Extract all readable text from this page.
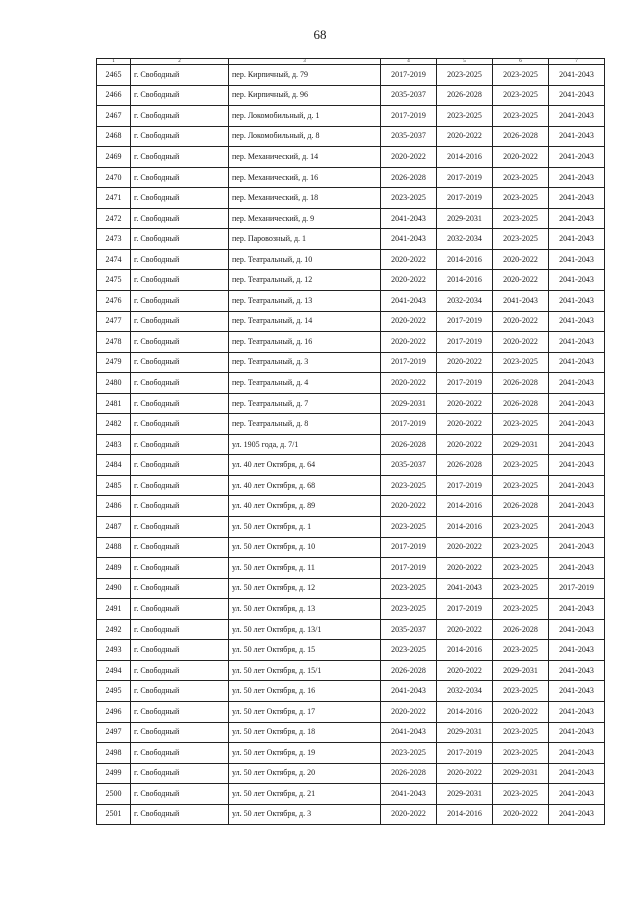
68
1	2	3	4	5	6	7
2465	г. Свободный	пер. Кирпичный, д. 79	2017-2019	2023-2025	2023-2025	2041-2043
2466	г. Свободный	пер. Кирпичный, д. 96	2035-2037	2026-2028	2023-2025	2041-2043
2467	г. Свободный	пер. Локомобильный, д. 1	2017-2019	2023-2025	2023-2025	2041-2043
2468	г. Свободный	пер. Локомобильный, д. 8	2035-2037	2020-2022	2026-2028	2041-2043
2469	г. Свободный	пер. Механический, д. 14	2020-2022	2014-2016	2020-2022	2041-2043
2470	г. Свободный	пер. Механический, д. 16	2026-2028	2017-2019	2023-2025	2041-2043
2471	г. Свободный	пер. Механический, д. 18	2023-2025	2017-2019	2023-2025	2041-2043
2472	г. Свободный	пер. Механический, д. 9	2041-2043	2029-2031	2023-2025	2041-2043
2473	г. Свободный	пер. Паровозный, д. 1	2041-2043	2032-2034	2023-2025	2041-2043
2474	г. Свободный	пер. Театральный, д. 10	2020-2022	2014-2016	2020-2022	2041-2043
2475	г. Свободный	пер. Театральный, д. 12	2020-2022	2014-2016	2020-2022	2041-2043
2476	г. Свободный	пер. Театральный, д. 13	2041-2043	2032-2034	2041-2043	2041-2043
2477	г. Свободный	пер. Театральный, д. 14	2020-2022	2017-2019	2020-2022	2041-2043
2478	г. Свободный	пер. Театральный, д. 16	2020-2022	2017-2019	2020-2022	2041-2043
2479	г. Свободный	пер. Театральный, д. 3	2017-2019	2020-2022	2023-2025	2041-2043
2480	г. Свободный	пер. Театральный, д. 4	2020-2022	2017-2019	2026-2028	2041-2043
2481	г. Свободный	пер. Театральный, д. 7	2029-2031	2020-2022	2026-2028	2041-2043
2482	г. Свободный	пер. Театральный, д. 8	2017-2019	2020-2022	2023-2025	2041-2043
2483	г. Свободный	ул. 1905 года, д. 7/1	2026-2028	2020-2022	2029-2031	2041-2043
2484	г. Свободный	ул. 40 лет Октября, д. 64	2035-2037	2026-2028	2023-2025	2041-2043
2485	г. Свободный	ул. 40 лет Октября, д. 68	2023-2025	2017-2019	2023-2025	2041-2043
2486	г. Свободный	ул. 40 лет Октября, д. 89	2020-2022	2014-2016	2026-2028	2041-2043
2487	г. Свободный	ул. 50 лет Октября, д. 1	2023-2025	2014-2016	2023-2025	2041-2043
2488	г. Свободный	ул. 50 лет Октября, д. 10	2017-2019	2020-2022	2023-2025	2041-2043
2489	г. Свободный	ул. 50 лет Октября, д. 11	2017-2019	2020-2022	2023-2025	2041-2043
2490	г. Свободный	ул. 50 лет Октября, д. 12	2023-2025	2041-2043	2023-2025	2017-2019
2491	г. Свободный	ул. 50 лет Октября, д. 13	2023-2025	2017-2019	2023-2025	2041-2043
2492	г. Свободный	ул. 50 лет Октября, д. 13/1	2035-2037	2020-2022	2026-2028	2041-2043
2493	г. Свободный	ул. 50 лет Октября, д. 15	2023-2025	2014-2016	2023-2025	2041-2043
2494	г. Свободный	ул. 50 лет Октября, д. 15/1	2026-2028	2020-2022	2029-2031	2041-2043
2495	г. Свободный	ул. 50 лет Октября, д. 16	2041-2043	2032-2034	2023-2025	2041-2043
2496	г. Свободный	ул. 50 лет Октября, д. 17	2020-2022	2014-2016	2020-2022	2041-2043
2497	г. Свободный	ул. 50 лет Октября, д. 18	2041-2043	2029-2031	2023-2025	2041-2043
2498	г. Свободный	ул. 50 лет Октября, д. 19	2023-2025	2017-2019	2023-2025	2041-2043
2499	г. Свободный	ул. 50 лет Октября, д. 20	2026-2028	2020-2022	2029-2031	2041-2043
2500	г. Свободный	ул. 50 лет Октября, д. 21	2041-2043	2029-2031	2023-2025	2041-2043
2501	г. Свободный	ул. 50 лет Октября, д. 3	2020-2022	2014-2016	2020-2022	2041-2043
